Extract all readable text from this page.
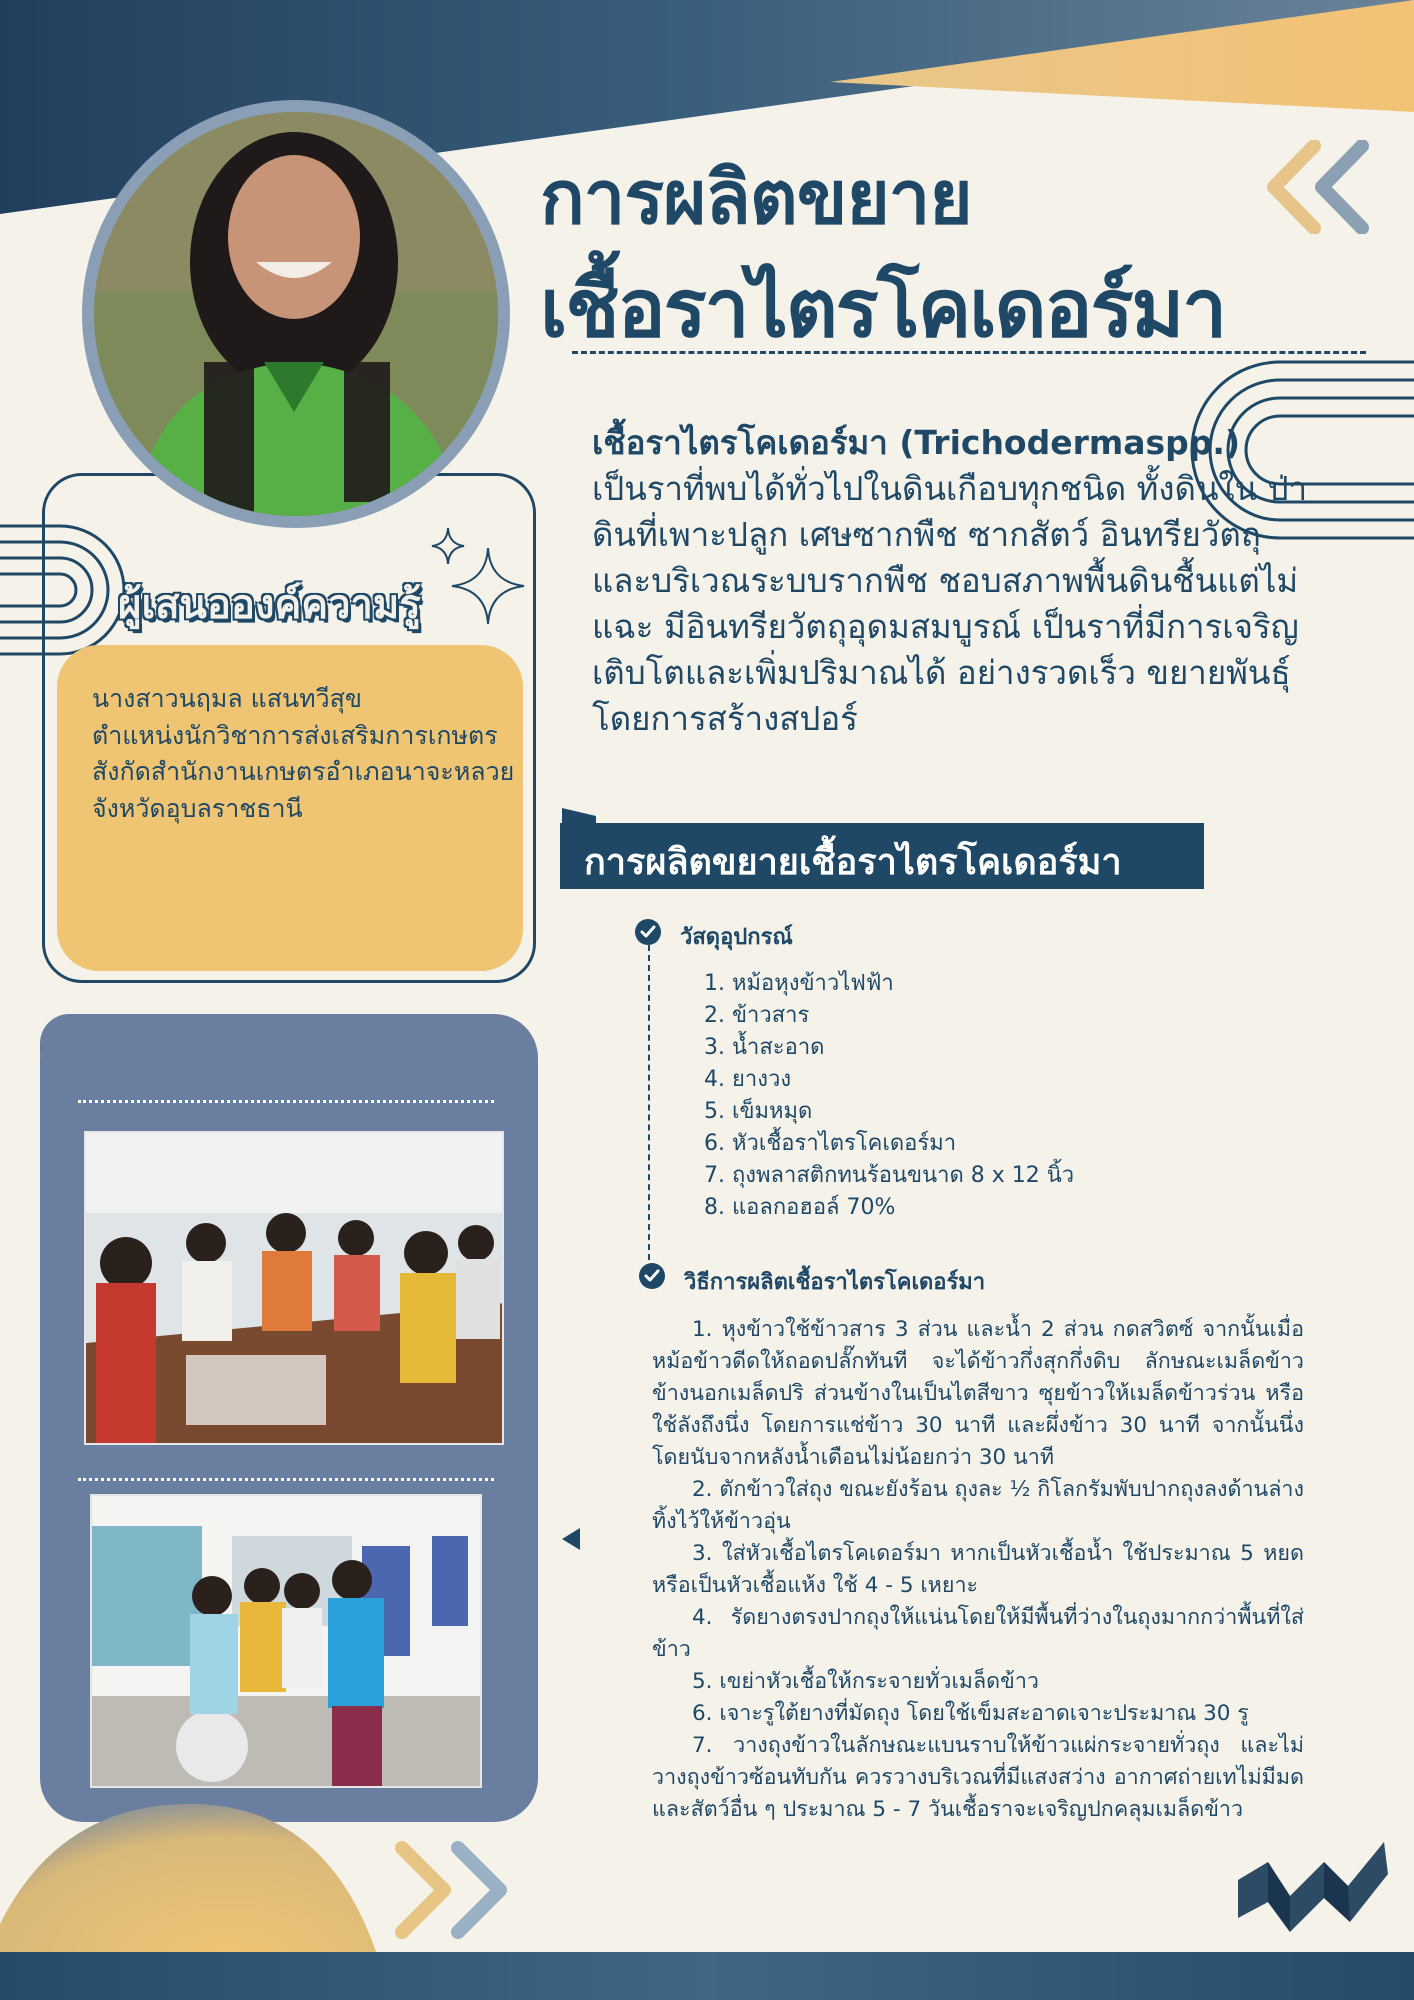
การผลิตขยาย
เชื้อราไตรโคเดอร์มา
ผู้เสนอองค์ความรู้
นางสาวนฤมล แสนทวีสุข
ตำแหน่งนักวิชาการส่งเสริมการเกษตร
สังกัดสำนักงานเกษตรอำเภอนาจะหลวย
จังหวัดอุบลราชธานี
เชื้อราไตรโคเดอร์มา (Trichodermaspp.)
เป็นราที่พบได้ทั่วไปในดินเกือบทุกชนิด ทั้งดินใน ป่า ดินที่เพาะปลูก เศษซากพืช ซากสัตว์ อินทรียวัตถุ และบริเวณระบบรากพืช ชอบสภาพพื้นดินชื้นแต่ไม่แฉะ มีอินทรียวัตถุอุดมสมบูรณ์ เป็นราที่มีการเจริญเติบโตและเพิ่มปริมาณได้ อย่างรวดเร็ว ขยายพันธุ์โดยการสร้างสปอร์
การผลิตขยายเชื้อราไตรโคเดอร์มา
วัสดุอุปกรณ์
1. หม้อหุงข้าวไฟฟ้า
2. ข้าวสาร
3. น้ำสะอาด
4. ยางวง
5. เข็มหมุด
6. หัวเชื้อราไตรโคเดอร์มา
7. ถุงพลาสติกทนร้อนขนาด 8 x 12 นิ้ว
8. แอลกอฮอล์ 70%
วิธีการผลิตเชื้อราไตรโคเดอร์มา

1. หุงข้าวใช้ข้าวสาร 3 ส่วน และน้ำ 2 ส่วน กดสวิตซ์ จากนั้นเมื่อหม้อข้าวดีดให้ถอดปลั๊กทันที จะได้ข้าวกึ่งสุกกึ่งดิบ ลักษณะเมล็ดข้าวข้างนอกเมล็ดปริ ส่วนข้างในเป็นไตสีขาว ซุยข้าวให้เมล็ดข้าวร่วน หรือใช้ลังถึงนึ่ง โดยการแช่ข้าว 30 นาที และผึ่งข้าว 30 นาที จากนั้นนึ่งโดยนับจากหลังน้ำเดือนไม่น้อยกว่า 30 นาที

2. ตักข้าวใส่ถุง ขณะยังร้อน ถุงละ ½ กิโลกรัมพับปากถุงลงด้านล่าง ทิ้งไว้ให้ข้าวอุ่น

3. ใส่หัวเชื้อไตรโคเดอร์มา หากเป็นหัวเชื้อน้ำ ใช้ประมาณ 5 หยด หรือเป็นหัวเชื้อแห้ง ใช้ 4 - 5 เหยาะ

4. รัดยางตรงปากถุงให้แน่นโดยให้มีพื้นที่ว่างในถุงมากกว่าพื้นที่ใส่ข้าว

5. เขย่าหัวเชื้อให้กระจายทั่วเมล็ดข้าว

6. เจาะรูใต้ยางที่มัดถุง โดยใช้เข็มสะอาดเจาะประมาณ 30 รู

7. วางถุงข้าวในลักษณะแบนราบให้ข้าวแผ่กระจายทั่วถุง และไม่วางถุงข้าวซ้อนทับกัน ควรวางบริเวณที่มีแสงสว่าง อากาศถ่ายเทไม่มีมดและสัตว์อื่น ๆ ประมาณ 5 - 7 วันเชื้อราจะเจริญปกคลุมเมล็ดข้าว
